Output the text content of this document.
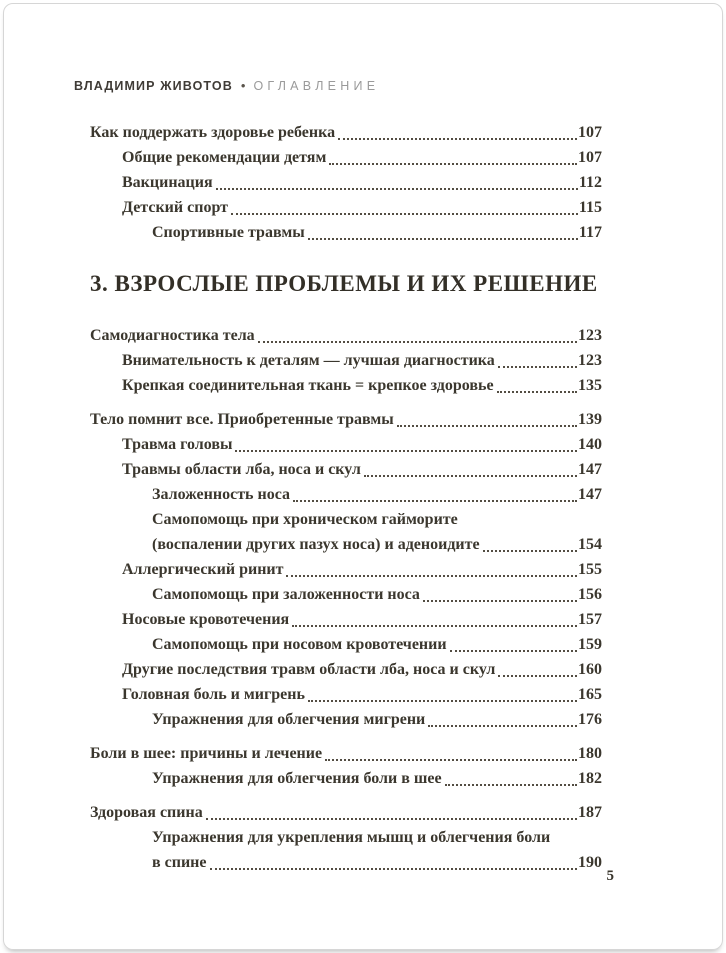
ВЛАДИМИР ЖИВОТОВ • ОГЛАВЛЕНИЕ
Как поддержать здоровье ребенка	107
Общие рекомендации детям	107
Вакцинация	112
Детский спорт	115
Спортивные травмы	117
3. ВЗРОСЛЫЕ ПРОБЛЕМЫ И ИХ РЕШЕНИЕ
Самодиагностика тела	123
Внимательность к деталям — лучшая диагностика	123
Крепкая соединительная ткань = крепкое здоровье	135
Тело помнит все. Приобретенные травмы	139
Травма головы	140
Травмы области лба, носа и скул	147
Заложенность носа	147
Самопомощь при хроническом гайморите
(воспалении других пазух носа) и аденоидите	154
Аллергический ринит	155
Самопомощь при заложенности носа	156
Носовые кровотечения	157
Самопомощь при носовом кровотечении	159
Другие последствия травм области лба, носа и скул	160
Головная боль и мигрень	165
Упражнения для облегчения мигрени	176
Боли в шее: причины и лечение	180
Упражнения для облегчения боли в шее	182
Здоровая спина	187
Упражнения для укрепления мышц и облегчения боли
в спине	190
5
